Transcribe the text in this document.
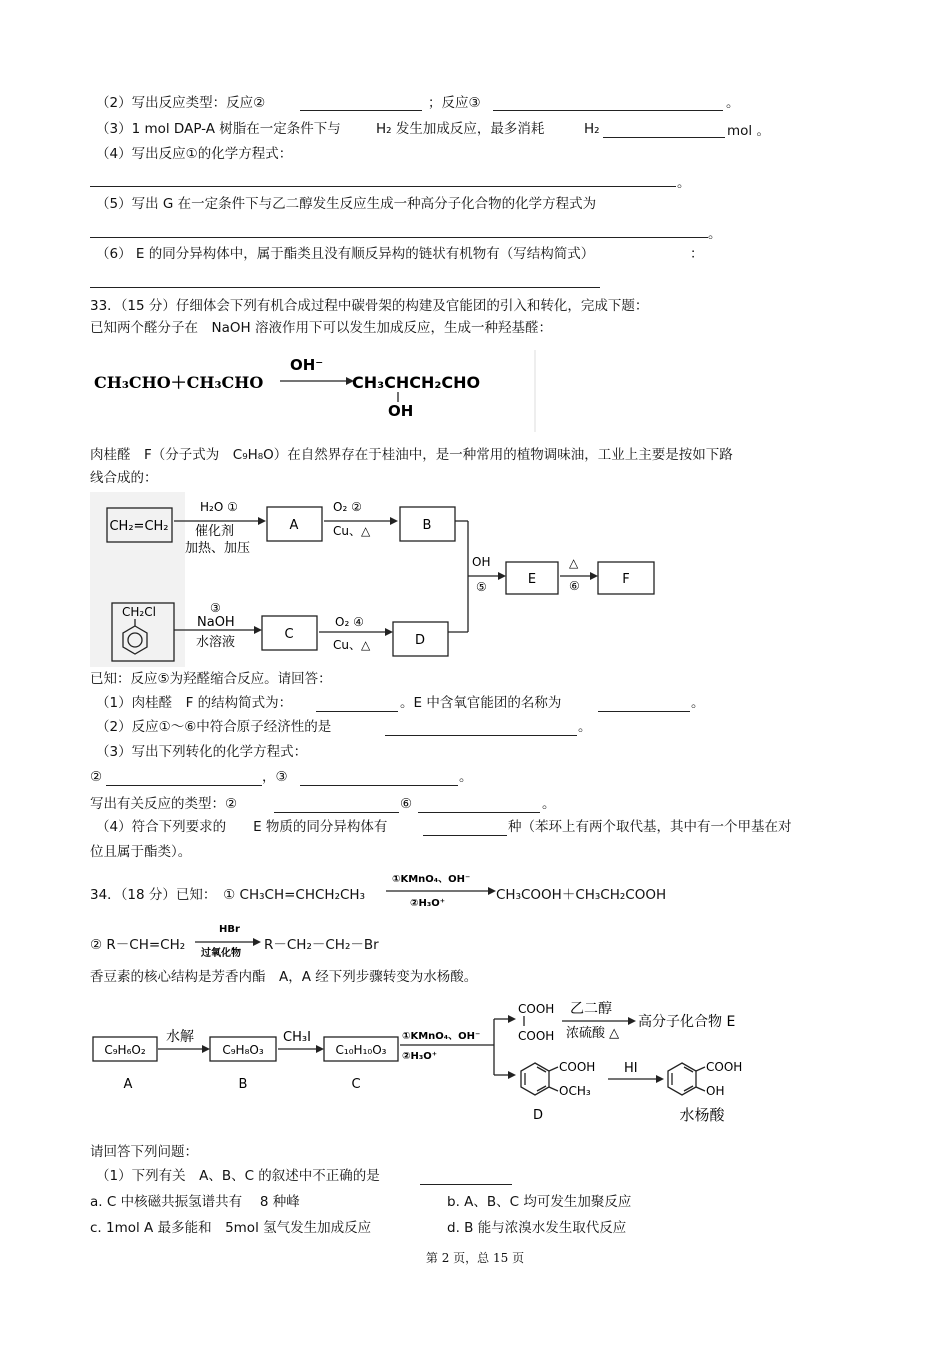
（2）写出反应类型：反应②	；反应③	。
（3）1 mol DAP-A 树脂在一定条件下与	H₂ 发生加成反应，最多消耗	H₂	mol 。
（4）写出反应①的化学方程式：
。
（5）写出 G 在一定条件下与乙二醇发生反应生成一种高分子化合物的化学方程式为
。
（6） E 的同分异构体中，属于酯类且没有顺反异构的链状有机物有（写结构简式）	：
33．（15 分）仔细体会下列有机合成过程中碳骨架的构建及官能团的引入和转化，完成下题：
已知两个醛分子在　NaOH 溶液作用下可以发生加成反应，生成一种羟基醛：
CH₃CHO＋CH₃CHO
OH⁻
CH₃CHCH₂CHO
OH
肉桂醛　F（分子式为　C₉H₈O）在自然界存在于桂油中，是一种常用的植物调味油，工业上主要是按如下路
线合成的：
CH₂=CH₂
H₂O ①
催化剂
加热、加压
A
O₂ ②
Cu、△	B
CH₂Cl	③
NaOH
水溶液
C
O₂ ④
Cu、△	D
OH
⑤	E
△
⑥	F
已知：反应⑤为羟醛缩合反应。请回答：
（1）肉桂醛　F 的结构简式为：	。E 中含氧官能团的名称为	。
（2）反应①～⑥中符合原子经济性的是	。
（3）写出下列转化的化学方程式：
②	，③	。
写出有关反应的类型：②	⑥	。
（4）符合下列要求的　　E 物质的同分异构体有	种（苯环上有两个取代基，其中有一个甲基在对
位且属于酯类）。
34．（18 分）已知：　① CH₃CH=CHCH₂CH₃
①KMnO₄、OH⁻
②H₃O⁺
CH₃COOH＋CH₃CH₂COOH
② R－CH=CH₂
HBr
过氧化物
R－CH₂－CH₂－Br
香豆素的核心结构是芳香内酯　A，A 经下列步骤转变为水杨酸。
C₉H₆O₂
A
水解
C₉H₈O₃
B
CH₃I
C₁₀H₁₀O₃
C
①KMnO₄、OH⁻
②H₃O⁺
COOH
COOH
乙二醇
浓硫酸 △
高分子化合物 E
COOH
OCH₃
D
HI	COOH
OH
水杨酸
请回答下列问题：
（1）下列有关　A、B、C 的叙述中不正确的是
a. C 中核磁共振氢谱共有　 8 种峰	b. A、B、C 均可发生加聚反应
c. 1mol A 最多能和　5mol 氢气发生加成反应	d. B 能与浓溴水发生取代反应
第 2 页，总 15 页
